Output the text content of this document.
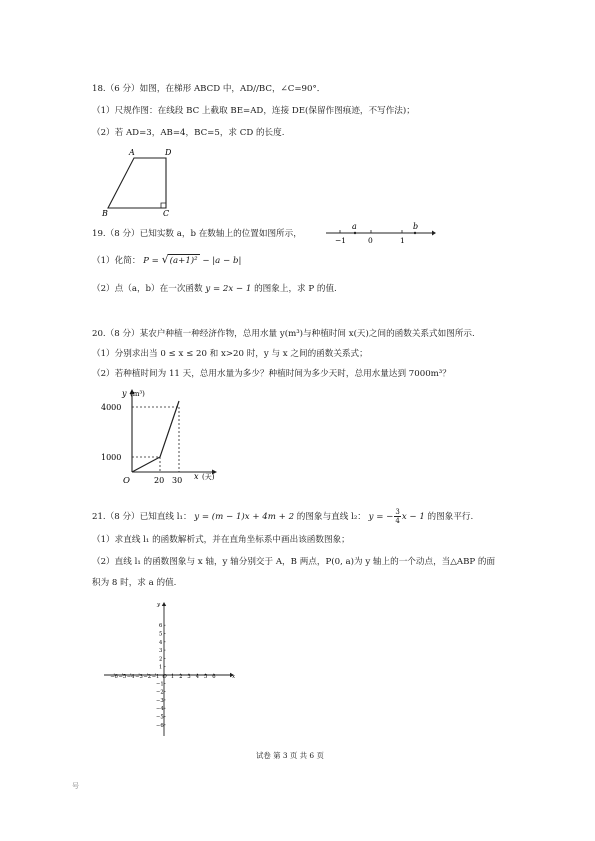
18.（6 分）如图，在梯形 ABCD 中，AD//BC，∠C=90°．
（1）尺规作图：在线段 BC 上截取 BE=AD，连接 DE(保留作图痕迹，不写作法)；
（2）若 AD=3，AB=4，BC=5，求 CD 的长度.
A	D
B	C
19.（8 分）已知实数 a，b 在数轴上的位置如图所示，
−1	0	1
a	b
（1）化简： P = √(a+1)² − |a − b|
（2）点（a，b）在一次函数 y = 2x − 1 的图象上，求 P 的值.
20.（8 分）某农户种植一种经济作物，总用水量 y(m³)与种植时间 x(天)之间的函数关系式如图所示.
（1）分别求出当 0 ≤ x ≤ 20 和 x>20 时，y 与 x 之间的函数关系式；
（2）若种植时间为 11 天，总用水量为多少？种植时间为多少天时，总用水量达到 7000m³？
y (m³)
4000
1000
O	20 30 x (天)
21.（8 分）已知直线 l₁： y = (m − 1)x + 4m + 2 的图象与直线 l₂： y = − $\frac{3}{4}$ x − 1 的图象平行.
（1）求直线 l₁ 的函数解析式，并在直角坐标系中画出该函数图象；
（2）直线 l₁ 的函数图象与 x 轴，y 轴分别交于 A，B 两点，P(0, a)为 y 轴上的一个动点，当△ABP 的面
积为 8 时，求 a 的值.
−6 −5 −4 −3 −2 −1 O 1 2 3 4 5 6	x
6
5
4
3
2
1
−1
−2
−3
−4
−5
−6
y
试卷 第 3 页 共 6 页
号
